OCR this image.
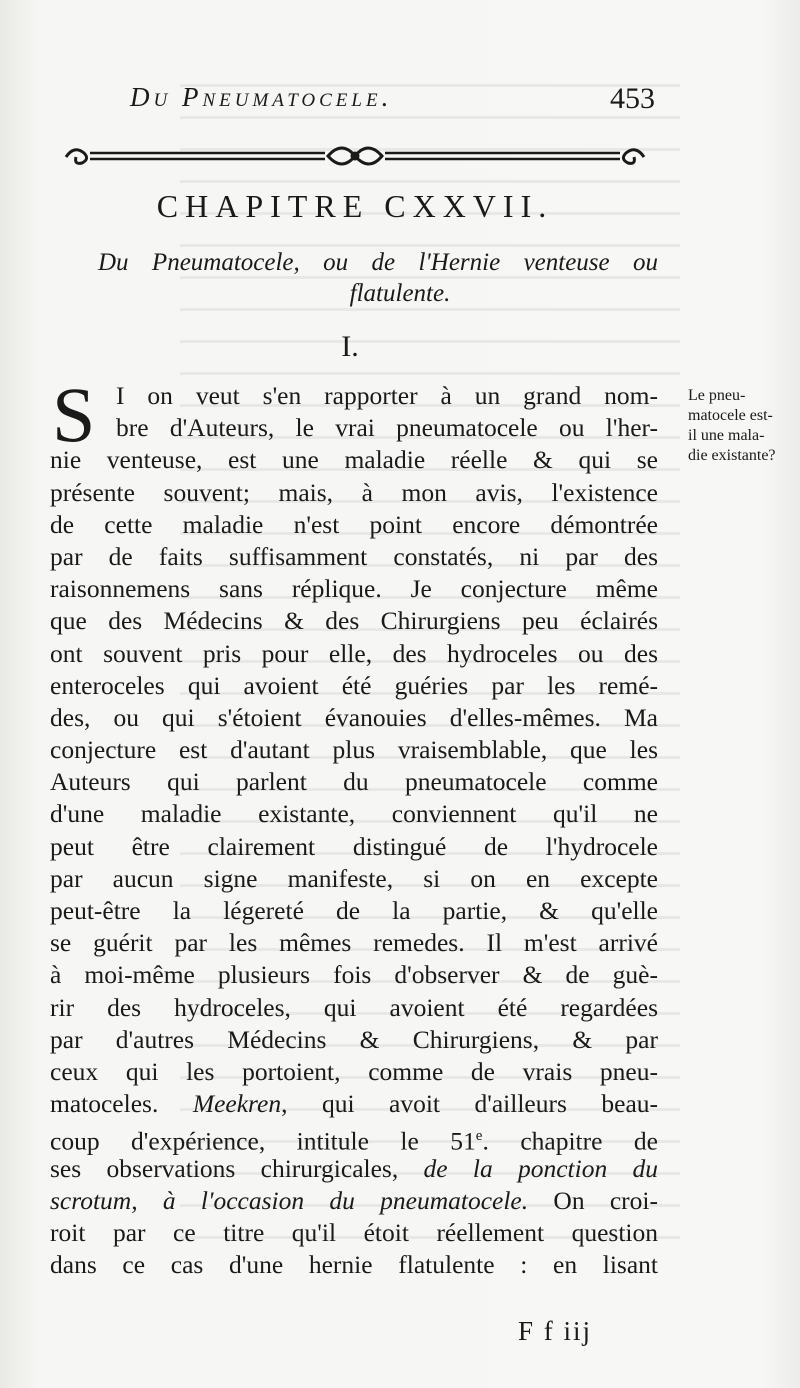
Du Pneumatocele.	453
CHAPITRE CXXVII.
Du Pneumatocele, ou de l'Hernie venteuse ou
flatulente.
I.
Le pneu-
matocele est-
il une mala-
die existante?
S I on veut s'en rapporter à un grand nom-
bre d'Auteurs, le vrai pneumatocele ou l'her-
nie venteuse, est une maladie réelle & qui se
présente souvent; mais, à mon avis, l'existence
de cette maladie n'est point encore démontrée
par de faits suffisamment constatés, ni par des
raisonnemens sans réplique. Je conjecture même
que des Médecins & des Chirurgiens peu éclairés
ont souvent pris pour elle, des hydroceles ou des
enteroceles qui avoient été guéries par les remé-
des, ou qui s'étoient évanouies d'elles-mêmes. Ma
conjecture est d'autant plus vraisemblable, que les
Auteurs qui parlent du pneumatocele comme
d'une maladie existante, conviennent qu'il ne
peut être clairement distingué de l'hydrocele
par aucun signe manifeste, si on en excepte
peut-être la légereté de la partie, & qu'elle
se guérit par les mêmes remedes. Il m'est arrivé
à moi-même plusieurs fois d'observer & de guè-
rir des hydroceles, qui avoient été regardées
par d'autres Médecins & Chirurgiens, & par
ceux qui les portoient, comme de vrais pneu-
matoceles. Meekren, qui avoit d'ailleurs beau-
coup d'expérience, intitule le 51e. chapitre de
ses observations chirurgicales, de la ponction du
scrotum, à l'occasion du pneumatocele. On croi-
roit par ce titre qu'il étoit réellement question
dans ce cas d'une hernie flatulente : en lisant
F f iij
